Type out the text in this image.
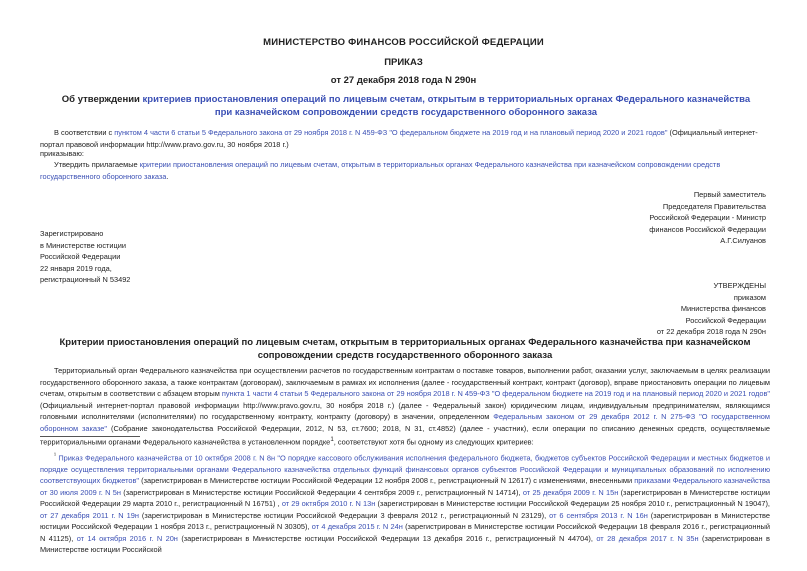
МИНИСТЕРСТВО ФИНАНСОВ РОССИЙСКОЙ ФЕДЕРАЦИИ
ПРИКАЗ
от 27 декабря 2018 года N 290н
Об утверждении критериев приостановления операций по лицевым счетам, открытым в территориальных органах Федерального казначейства при казначейском сопровождении средств государственного оборонного заказа
В соответствии с пунктом 4 части 6 статьи 5 Федерального закона от 29 ноября 2018 г. N 459-ФЗ "О федеральном бюджете на 2019 год и на плановый период 2020 и 2021 годов" (Официальный интернет-портал правовой информации http://www.pravo.gov.ru, 30 ноября 2018 г.)
приказываю:
Утвердить прилагаемые критерии приостановления операций по лицевым счетам, открытым в территориальных органах Федерального казначейства при казначейском сопровождении средств государственного оборонного заказа.
Первый заместитель
Председателя Правительства
Российской Федерации - Министр
финансов Российской Федерации
А.Г.Силуанов
Зарегистрировано
в Министерстве юстиции
Российской Федерации
22 января 2019 года,
регистрационный N 53492
УТВЕРЖДЕНЫ
приказом
Министерства финансов
Российской Федерации
от 22 декабря 2018 года N 290н
Критерии приостановления операций по лицевым счетам, открытым в территориальных органах Федерального казначейства при казначейском сопровождении средств государственного оборонного заказа
Территориальный орган Федерального казначейства при осуществлении расчетов по государственным контрактам о поставке товаров, выполнении работ, оказании услуг, заключаемым в целях реализации государственного оборонного заказа, а также контрактам (договорам), заключаемым в рамках их исполнения (далее - государственный контракт, контракт (договор), вправе приостановить операции по лицевым счетам, открытым в соответствии с абзацем вторым пункта 1 части 4 статьи 5 Федерального закона от 29 ноября 2018 г. N 459-ФЗ "О федеральном бюджете на 2019 год и на плановый период 2020 и 2021 годов" (Официальный интернет-портал правовой информации http://www.pravo.gov.ru, 30 ноября 2018 г.) (далее - Федеральный закон) юридическим лицам, индивидуальным предпринимателям, являющимся головными исполнителями (исполнителями) по государственному контракту, контракту (договору) в значении, определенном Федеральным законом от 29 декабря 2012 г. N 275-ФЗ "О государственном оборонном заказе" (Собрание законодательства Российской Федерации, 2012, N 53, ст.7600; 2018, N 31, ст.4852) (далее - участник), если операции по списанию денежных средств, осуществляемые территориальными органами Федерального казначейства в установленном порядке$^1$, соответствуют хотя бы одному из следующих критериев:
$^{^1}$ Приказ Федерального казначейства от 10 октября 2008 г. N 8н "О порядке кассового обслуживания исполнения федерального бюджета, бюджетов субъектов Российской Федерации и местных бюджетов и порядке осуществления территориальными органами Федерального казначейства отдельных функций финансовых органов субъектов Российской Федерации и муниципальных образований по исполнению соответствующих бюджетов" (зарегистрирован в Министерстве юстиции Российской Федерации 12 ноября 2008 г., регистрационный N 12617) с изменениями, внесенными приказами Федерального казначейства от 30 июля 2009 г. N 5н (зарегистрирован в Министерстве юстиции Российской Федерации 4 сентября 2009 г., регистрационный N 14714), от 25 декабря 2009 г. N 15н (зарегистрирован в Министерстве юстиции Российской Федерации 29 марта 2010 г., регистрационный N 16751) , от 29 октября 2010 г. N 13н (зарегистрирован в Министерстве юстиции Российской Федерации 25 ноября 2010 г., регистрационный N 19047), от 27 декабря 2011 г. N 19н (зарегистрирован в Министерстве юстиции Российской Федерации 3 февраля 2012 г., регистрационный N 23129), от 6 сентября 2013 г. N 16н (зарегистрирован в Министерстве юстиции Российской Федерации 1 ноября 2013 г., регистрационный N 30305), от 4 декабря 2015 г. N 24н (зарегистрирован в Министерстве юстиции Российской Федерации 18 февраля 2016 г., регистрационный N 41125), от 14 октября 2016 г. N 20н (зарегистрирован в Министерстве юстиции Российской Федерации 13 декабря 2016 г., регистрационный N 44704), от 28 декабря 2017 г. N 35н (зарегистрирован в Министерстве юстиции Российской
